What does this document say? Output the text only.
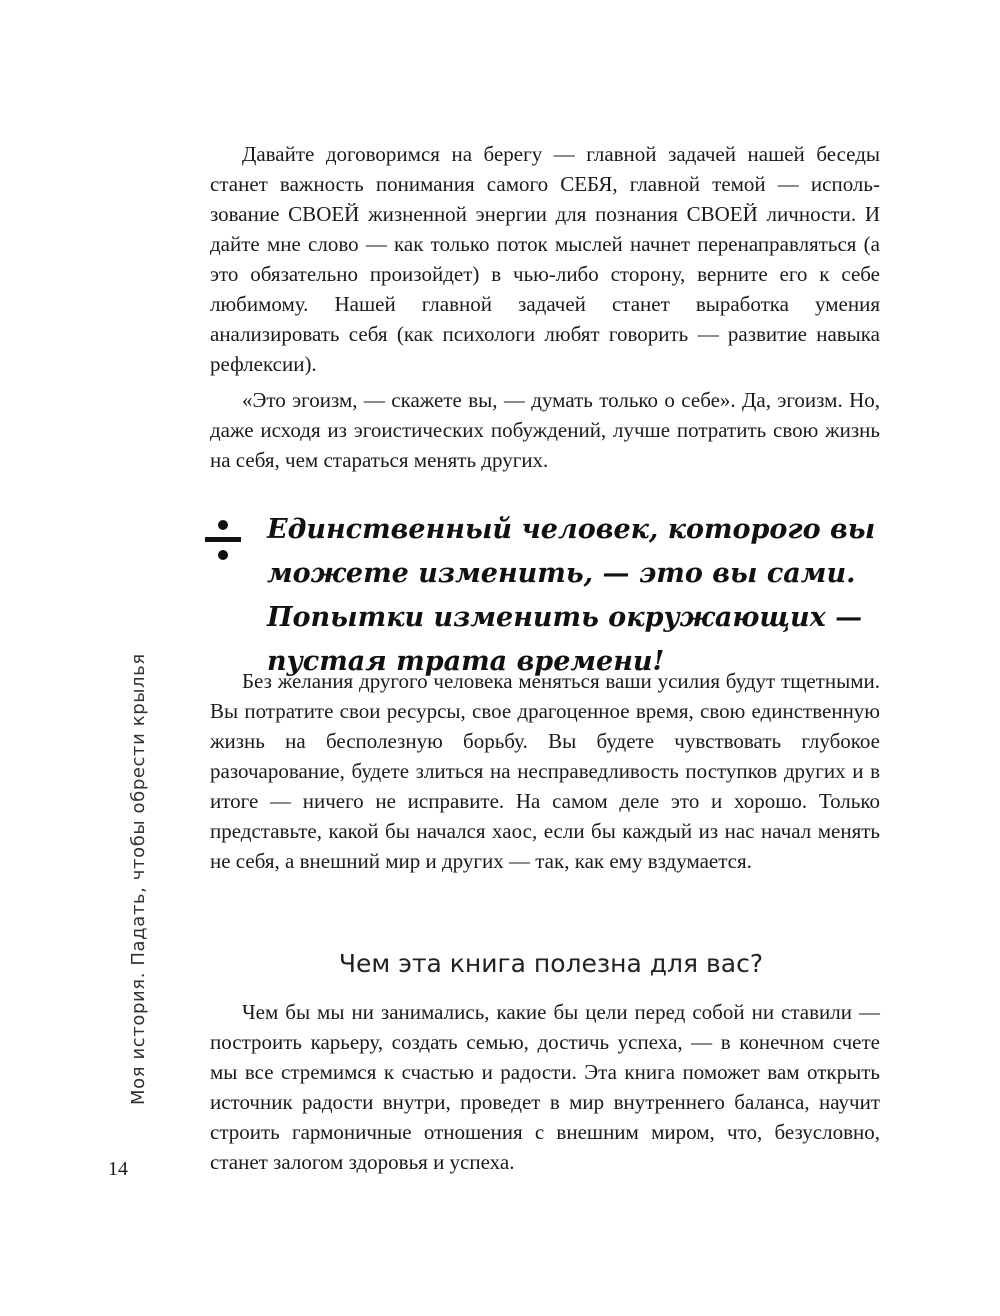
Давайте договоримся на берегу — главной задачей нашей беседы станет важность понимания самого СЕБЯ, главной темой — использование СВОЕЙ жизненной энергии для познания СВОЕЙ личности. И дайте мне слово — как только поток мыслей начнет перенаправляться (а это обязательно произойдет) в чью-либо сторону, верните его к себе любимому. Нашей главной задачей станет выработка умения анализировать себя (как психологи любят говорить — развитие навыка рефлексии).

«Это эгоизм, — скажете вы, — думать только о себе». Да, эгоизм. Но, даже исходя из эгоистических побуждений, лучше потратить свою жизнь на себя, чем стараться менять других.

Единственный человек, которого вы можете изменить, — это вы сами. Попытки изменить окружающих — пустая трата времени!

Без желания другого человека меняться ваши усилия будут тщетными. Вы потратите свои ресурсы, свое драгоценное время, свою единственную жизнь на бесполезную борьбу. Вы будете чувствовать глубокое разочарование, будете злиться на несправедливость поступков других и в итоге — ничего не исправите. На самом деле это и хорошо. Только представьте, какой бы начался хаос, если бы каждый из нас начал менять не себя, а внешний мир и других — так, как ему вздумается.

Чем эта книга полезна для вас?

Чем бы мы ни занимались, какие бы цели перед собой ни ставили — построить карьеру, создать семью, достичь успеха, — в конечном счете мы все стремимся к счастью и радости. Эта книга поможет вам открыть источник радости внутри, проведет в мир внутреннего баланса, научит строить гармоничные отношения с внешним миром, что, безусловно, станет залогом здоровья и успеха.

Моя история. Падать, чтобы обрести крылья
14
